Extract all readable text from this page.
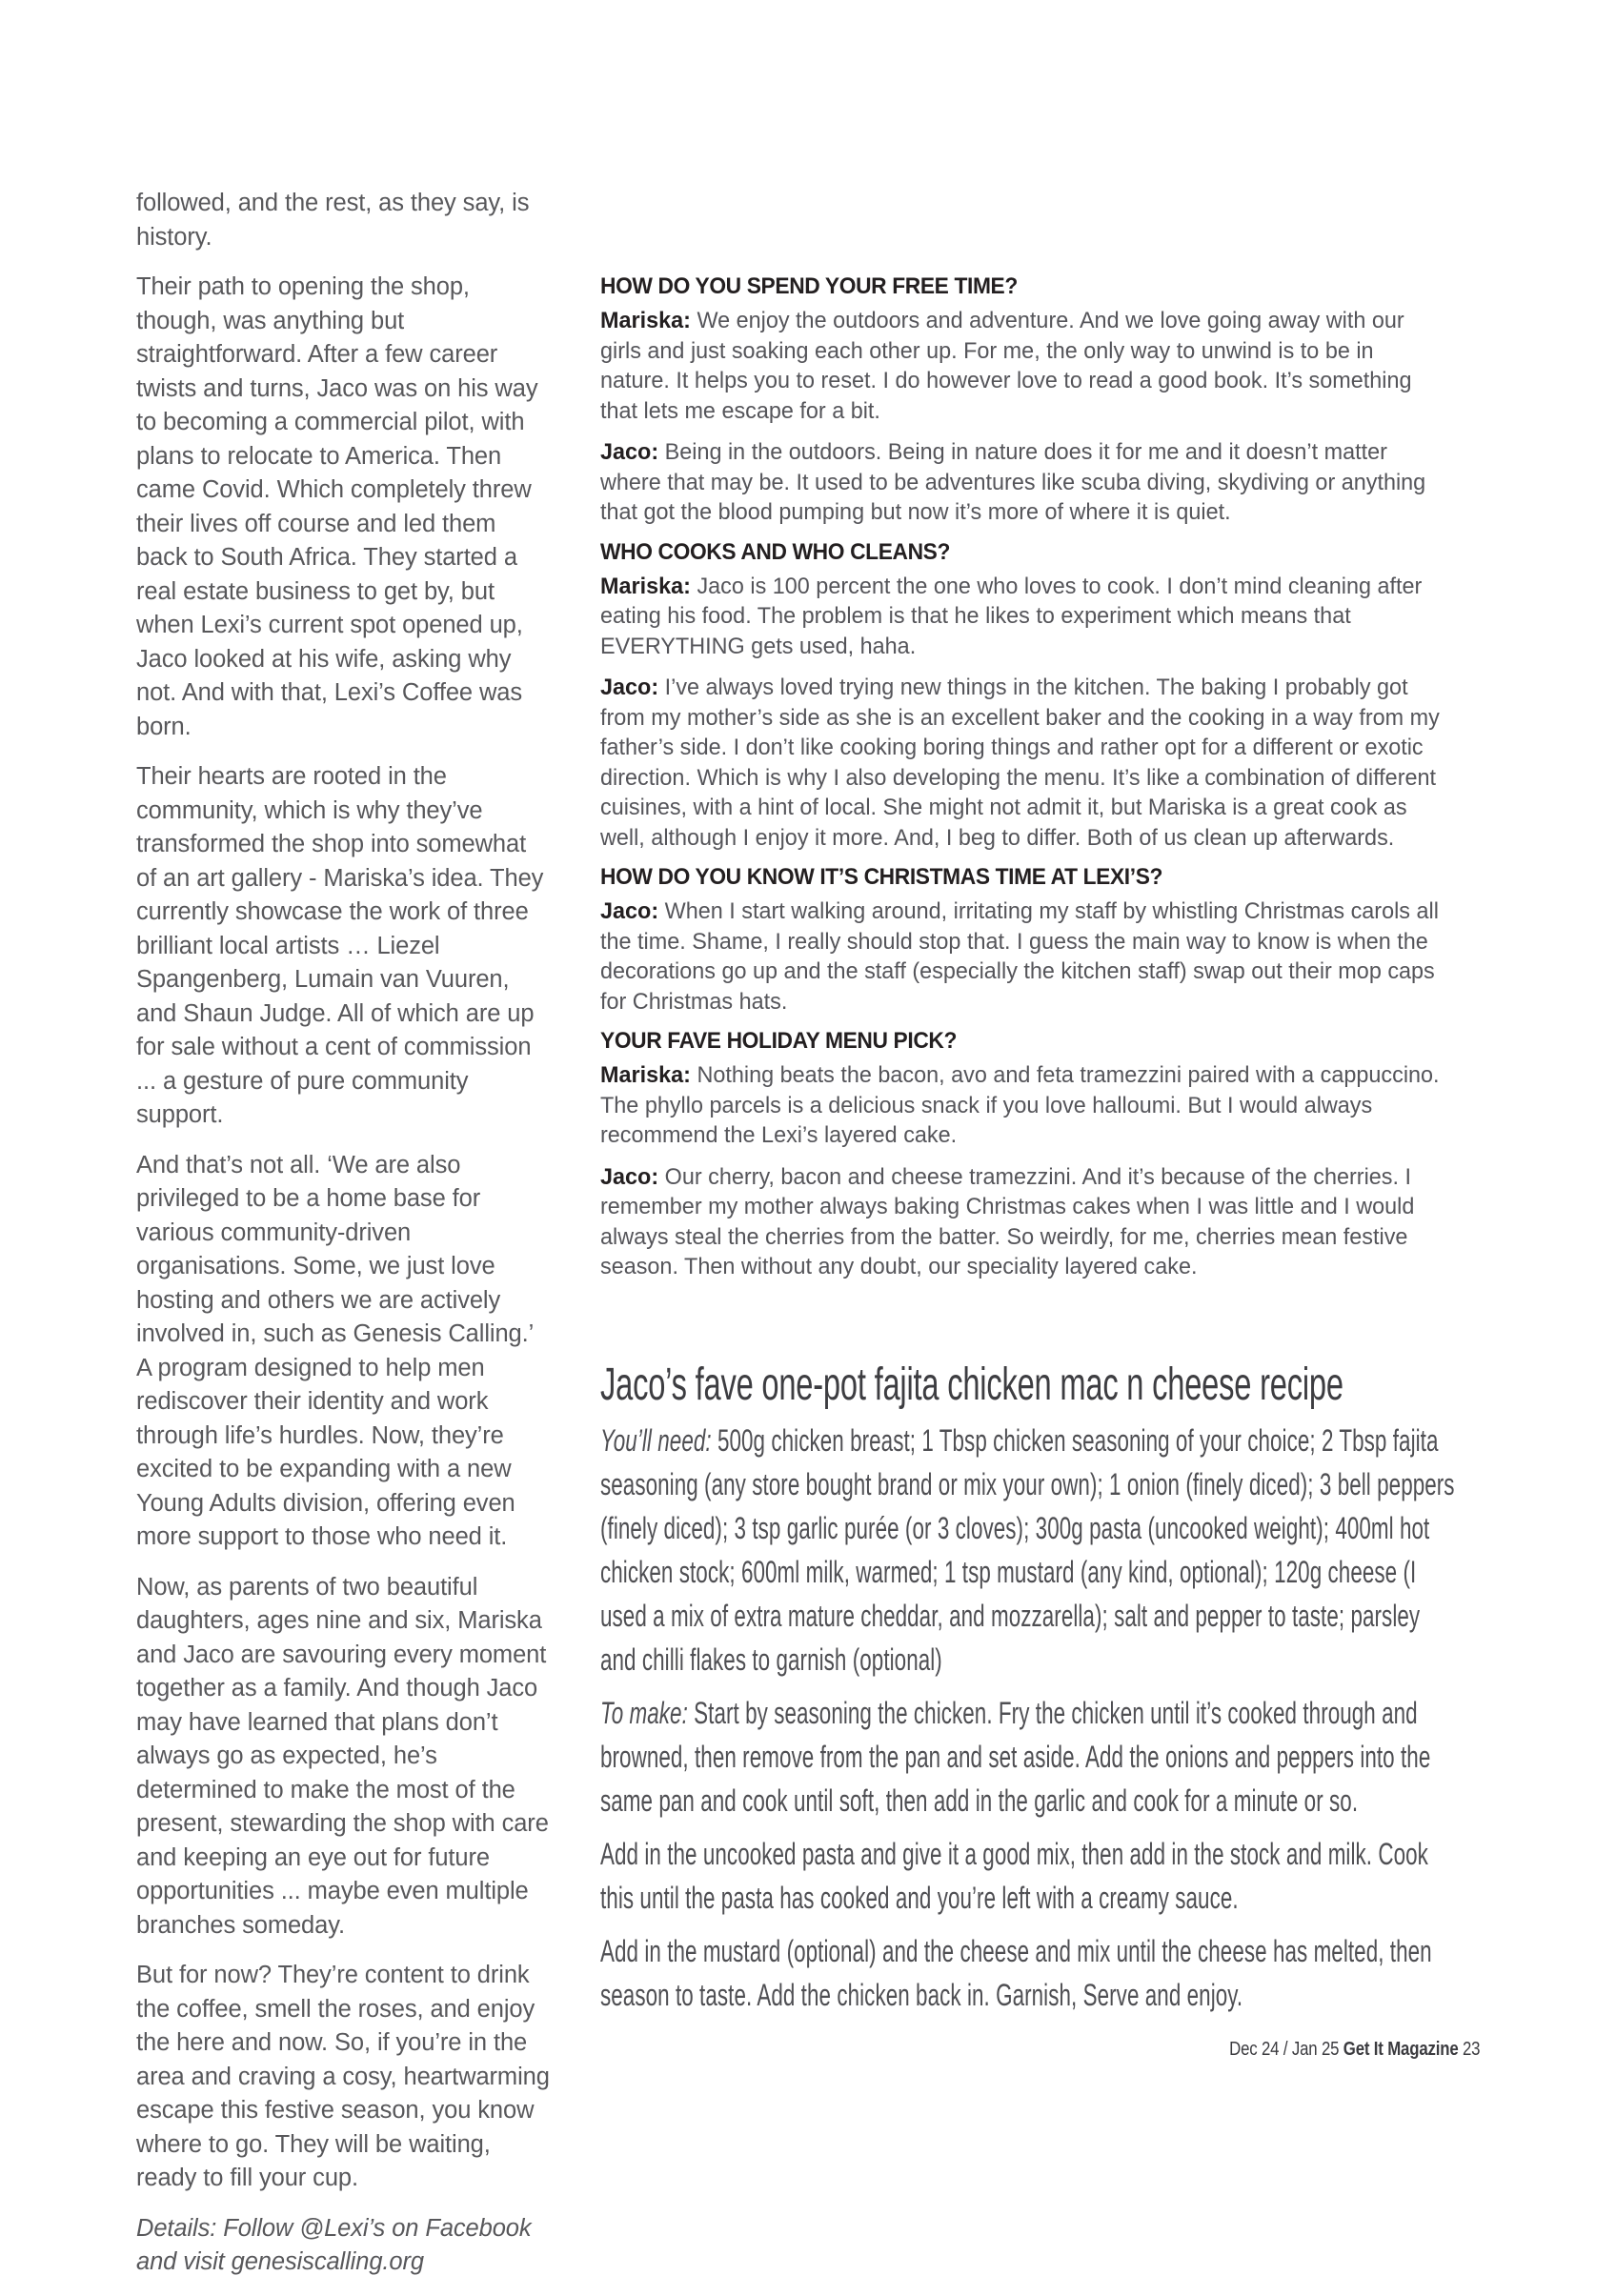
followed, and the rest, as they say, is history.

Their path to opening the shop, though, was anything but straightforward. After a few career twists and turns, Jaco was on his way to becoming a commercial pilot, with plans to relocate to America. Then came Covid. Which completely threw their lives off course and led them back to South Africa. They started a real estate business to get by, but when Lexi’s current spot opened up, Jaco looked at his wife, asking why not. And with that, Lexi’s Coffee was born.

Their hearts are rooted in the community, which is why they’ve transformed the shop into somewhat of an art gallery - Mariska’s idea. They currently showcase the work of three brilliant local artists … Liezel Spangenberg, Lumain van Vuuren, and Shaun Judge. All of which are up for sale without a cent of commission ... a gesture of pure community support.

And that’s not all. ‘We are also privileged to be a home base for various community-driven organisations. Some, we just love hosting and others we are actively involved in, such as Genesis Calling.’ A program designed to help men rediscover their identity and work through life’s hurdles. Now, they’re excited to be expanding with a new Young Adults division, offering even more support to those who need it.

Now, as parents of two beautiful daughters, ages nine and six, Mariska and Jaco are savouring every moment together as a family. And though Jaco may have learned that plans don’t always go as expected, he’s determined to make the most of the present, stewarding the shop with care and keeping an eye out for future opportunities ... maybe even multiple branches someday.

But for now? They’re content to drink the coffee, smell the roses, and enjoy the here and now. So, if you’re in the area and craving a cosy, heartwarming escape this festive season, you know where to go. They will be waiting, ready to fill your cup.

Details: Follow @Lexi’s on Facebook and visit genesiscalling.org

HOW DO YOU SPEND YOUR FREE TIME?

Mariska: We enjoy the outdoors and adventure. And we love going away with our girls and just soaking each other up. For me, the only way to unwind is to be in nature. It helps you to reset. I do however love to read a good book. It’s something that lets me escape for a bit.

Jaco: Being in the outdoors. Being in nature does it for me and it doesn’t matter where that may be. It used to be adventures like scuba diving, skydiving or anything that got the blood pumping but now it’s more of where it is quiet.

WHO COOKS AND WHO CLEANS?

Mariska: Jaco is 100 percent the one who loves to cook. I don’t mind cleaning after eating his food. The problem is that he likes to experiment which means that EVERYTHING gets used, haha.

Jaco: I’ve always loved trying new things in the kitchen. The baking I probably got from my mother’s side as she is an excellent baker and the cooking in a way from my father’s side. I don’t like cooking boring things and rather opt for a different or exotic direction. Which is why I also developing the menu. It’s like a combination of different cuisines, with a hint of local. She might not admit it, but Mariska is a great cook as well, although I enjoy it more. And, I beg to differ. Both of us clean up afterwards.

HOW DO YOU KNOW IT’S CHRISTMAS TIME AT LEXI’S?

Jaco: When I start walking around, irritating my staff by whistling Christmas carols all the time. Shame, I really should stop that. I guess the main way to know is when the decorations go up and the staff (especially the kitchen staff) swap out their mop caps for Christmas hats.

YOUR FAVE HOLIDAY MENU PICK?

Mariska: Nothing beats the bacon, avo and feta tramezzini paired with a cappuccino. The phyllo parcels is a delicious snack if you love halloumi. But I would always recommend the Lexi’s layered cake.

Jaco: Our cherry, bacon and cheese tramezzini. And it’s because of the cherries. I remember my mother always baking Christmas cakes when I was little and I would always steal the cherries from the batter. So weirdly, for me, cherries mean festive season. Then without any doubt, our speciality layered cake.

Jaco’s fave one-pot fajita chicken mac n cheese recipe

You’ll need: 500g chicken breast; 1 Tbsp chicken seasoning of your choice; 2 Tbsp fajita seasoning (any store bought brand or mix your own); 1 onion (finely diced); 3 bell peppers (finely diced); 3 tsp garlic purée (or 3 cloves); 300g pasta (uncooked weight); 400ml hot chicken stock; 600ml milk, warmed; 1 tsp mustard (any kind, optional); 120g cheese (I used a mix of extra mature cheddar, and mozzarella); salt and pepper to taste; parsley and chilli flakes to garnish (optional)

To make: Start by seasoning the chicken. Fry the chicken until it’s cooked through and browned, then remove from the pan and set aside. Add the onions and peppers into the same pan and cook until soft, then add in the garlic and cook for a minute or so.

Add in the uncooked pasta and give it a good mix, then add in the stock and milk. Cook this until the pasta has cooked and you’re left with a creamy sauce.

Add in the mustard (optional) and the cheese and mix until the cheese has melted, then season to taste. Add the chicken back in. Garnish, Serve and enjoy.

Dec 24 / Jan 25 Get It Magazine 23
